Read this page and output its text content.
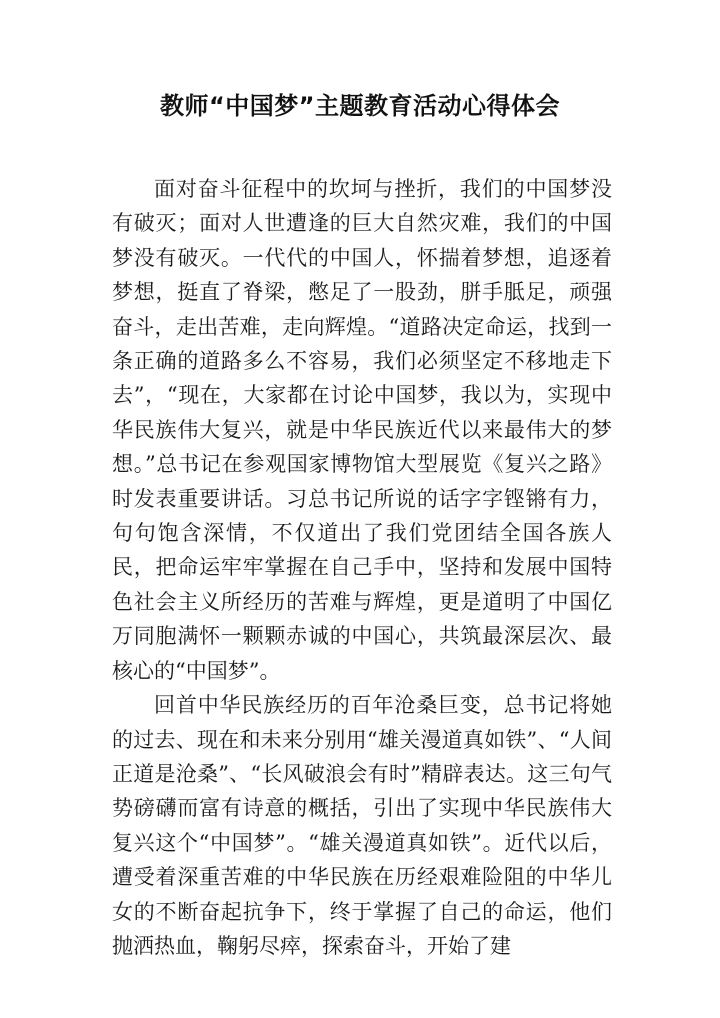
教师“中国梦”主题教育活动心得体会

面对奋斗征程中的坎坷与挫折，我们的中国梦没有破灭；面对人世遭逢的巨大自然灾难，我们的中国梦没有破灭。一代代的中国人，怀揣着梦想，追逐着梦想，挺直了脊梁，憋足了一股劲，胼手胝足，顽强奋斗，走出苦难，走向辉煌。“道路决定命运，找到一条正确的道路多么不容易，我们必须坚定不移地走下去”，“现在，大家都在讨论中国梦，我以为，实现中华民族伟大复兴，就是中华民族近代以来最伟大的梦想。”总书记在参观国家博物馆大型展览《复兴之路》时发表重要讲话。习总书记所说的话字字铿锵有力，句句饱含深情，不仅道出了我们党团结全国各族人民，把命运牢牢掌握在自己手中，坚持和发展中国特色社会主义所经历的苦难与辉煌，更是道明了中国亿万同胞满怀一颗颗赤诚的中国心，共筑最深层次、最核心的“中国梦”。

回首中华民族经历的百年沧桑巨变，总书记将她的过去、现在和未来分别用“雄关漫道真如铁”、“人间正道是沧桑”、“长风破浪会有时”精辟表达。这三句气势磅礴而富有诗意的概括，引出了实现中华民族伟大复兴这个“中国梦”。“雄关漫道真如铁”。近代以后，遭受着深重苦难的中华民族在历经艰难险阻的中华儿女的不断奋起抗争下，终于掌握了自己的命运，他们抛洒热血，鞠躬尽瘁，探索奋斗，开始了建
